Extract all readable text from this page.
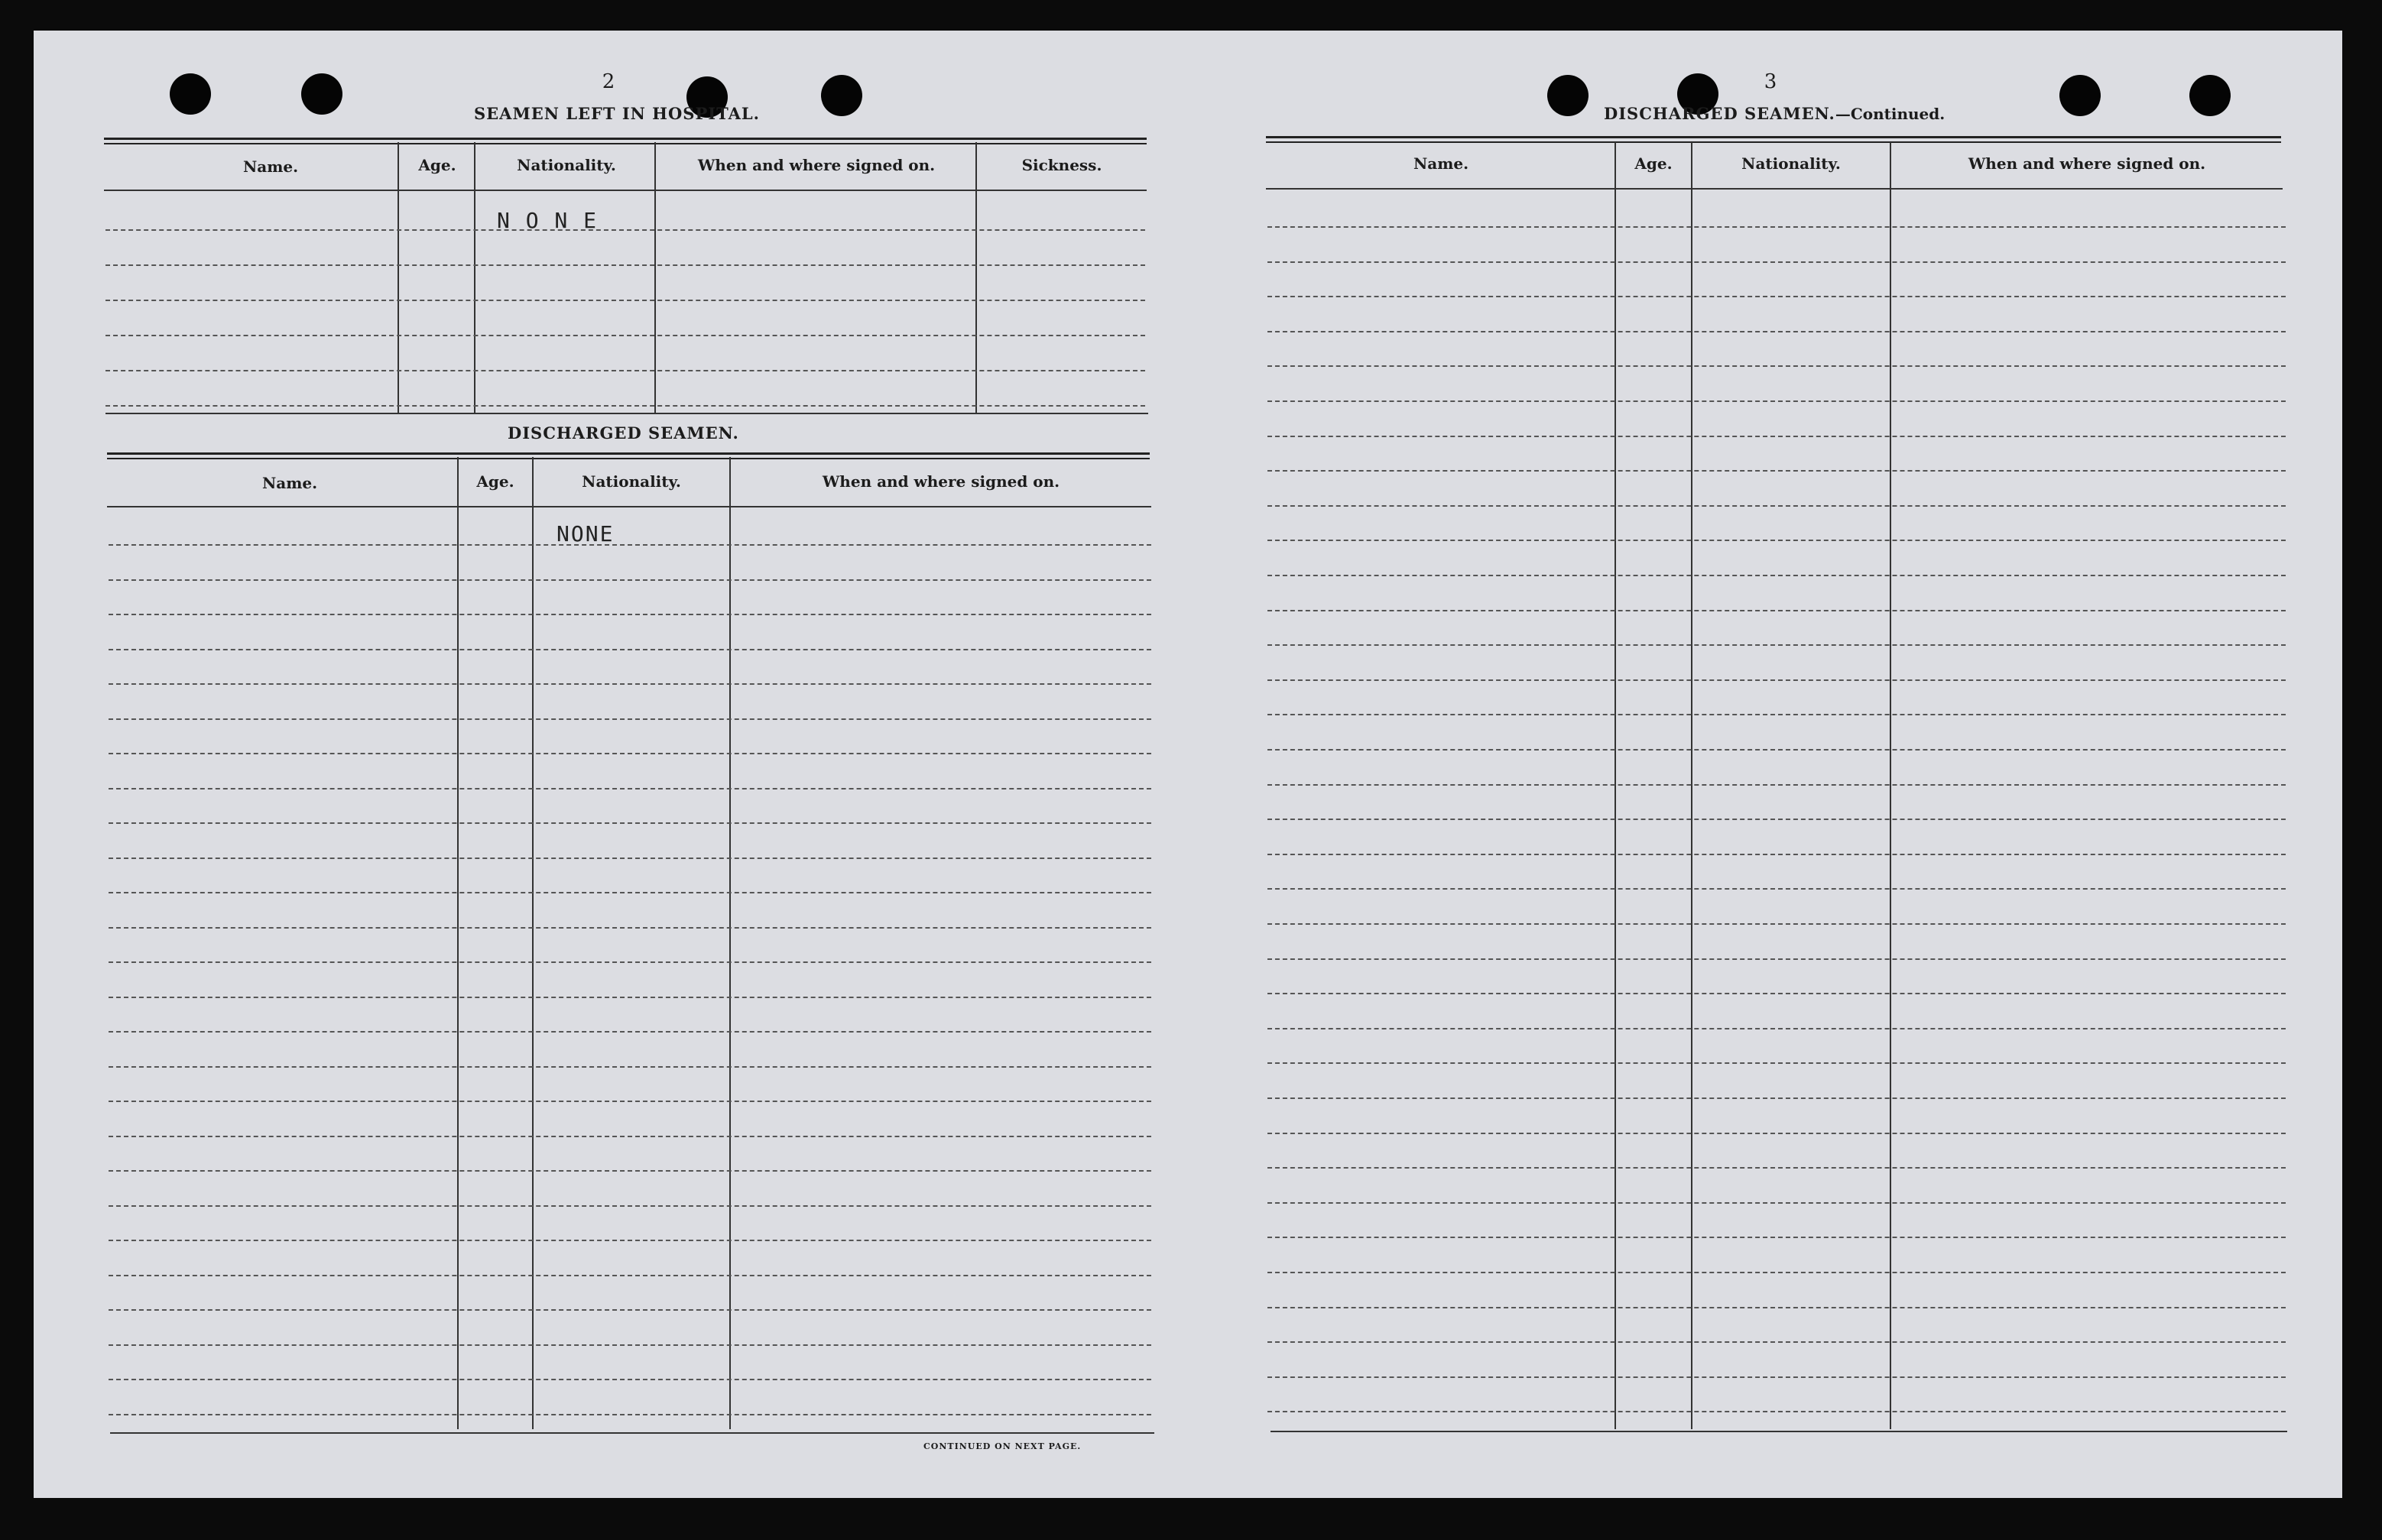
2
SEAMEN LEFT IN HOSPITAL.
Name.	Age.	Nationality.	When and where signed on.	Sickness.
N O N E
DISCHARGED SEAMEN.
Name.	Age.	Nationality.	When and where signed on.
NONE
CONTINUED ON NEXT PAGE.
3
DISCHARGED SEAMEN.—Continued.
Name.	Age.	Nationality.	When and where signed on.
